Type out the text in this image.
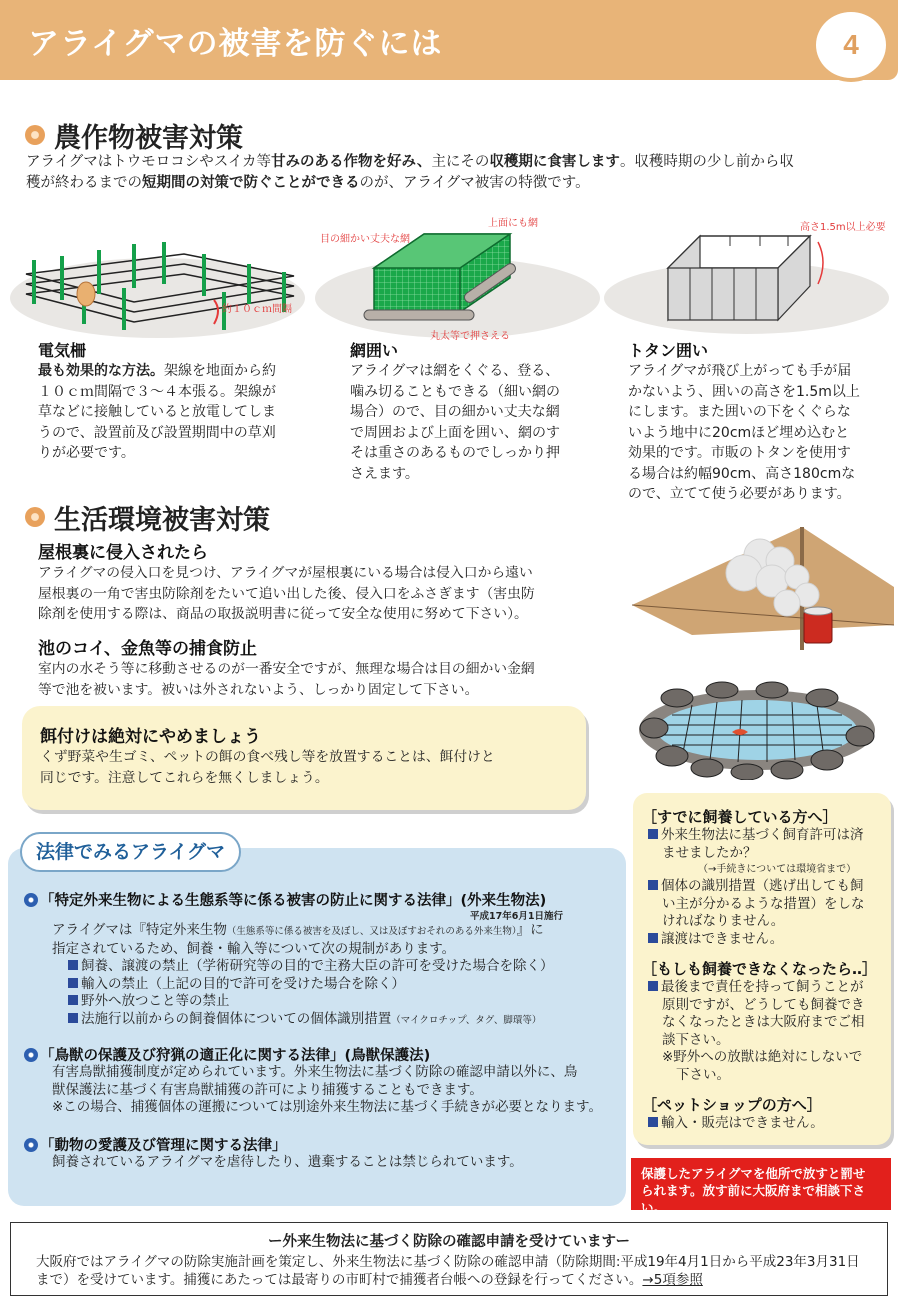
アライグマの被害を防ぐには	4
農作物被害対策
アライグマはトウモロコシやスイカ等甘みのある作物を好み、主にその収穫期に食害します。収穫時期の少し前から収
穫が終わるまでの短期間の対策で防ぐことができるのが、アライグマ被害の特徴です。
約１０ｃｍ間隔
目の細かい丈夫な網
上面にも網
丸太等で押さえる
高さ1.5m以上必要
電気柵
最も効果的な方法。架線を地面から約
１０ｃｍ間隔で３～４本張る。架線が
草などに接触していると放電してしま
うので、設置前及び設置期間中の草刈
りが必要です。
網囲い
アライグマは網をくぐる、登る、
噛み切ることもできる（細い網の
場合）ので、目の細かい丈夫な網
で周囲および上面を囲い、網のす
そは重さのあるものでしっかり押
さえます。
トタン囲い
アライグマが飛び上がっても手が届
かないよう、囲いの高さを1.5m以上
にします。また囲いの下をくぐらな
いよう地中に20cmほど埋め込むと
効果的です。市販のトタンを使用す
る場合は約幅90cm、高さ180cmな
ので、立てて使う必要があります。
生活環境被害対策
屋根裏に侵入されたら
アライグマの侵入口を見つけ、アライグマが屋根裏にいる場合は侵入口から遠い
屋根裏の一角で害虫防除剤をたいて追い出した後、侵入口をふさぎます（害虫防
除剤を使用する際は、商品の取扱説明書に従って安全な使用に努めて下さい）。
池のコイ、金魚等の捕食防止
室内の水そう等に移動させるのが一番安全ですが、無理な場合は目の細かい金網
等で池を被います。被いは外されないよう、しっかり固定して下さい。
餌付けは絶対にやめましょう
くず野菜や生ゴミ、ペットの餌の食べ残し等を放置することは、餌付けと
同じです。注意してこれらを無くしましょう。
法律でみるアライグマ
「特定外来生物による生態系等に係る被害の防止に関する法律」(外来生物法)
平成17年6月1日施行
アライグマは『特定外来生物（生態系等に係る被害を及ぼし、又は及ぼすおそれのある外来生物）』に
指定されているため、飼養・輸入等について次の規制があります。
飼養、譲渡の禁止（学術研究等の目的で主務大臣の許可を受けた場合を除く）
輸入の禁止（上記の目的で許可を受けた場合を除く）
野外へ放つこと等の禁止
法施行以前からの飼養個体についての個体識別措置（マイクロチップ、タグ、脚環等）
「鳥獣の保護及び狩猟の適正化に関する法律」(鳥獣保護法)
有害鳥獣捕獲制度が定められています。外来生物法に基づく防除の確認申請以外に、鳥
獣保護法に基づく有害鳥獣捕獲の許可により捕獲することもできます。
※この場合、捕獲個体の運搬については別途外来生物法に基づく手続きが必要となります。
「動物の愛護及び管理に関する法律」
飼養されているアライグマを虐待したり、遺棄することは禁じられています。
［すでに飼養している方へ］
外来生物法に基づく飼育許可は済
ませましたか？
（→手続きについては環境省まで）
個体の識別措置（逃げ出しても飼
い主が分かるような措置）をしな
ければなりません。
譲渡はできません。
［もしも飼養できなくなったら‥］
最後まで責任を持って飼うことが
原則ですが、どうしても飼養でき
なくなったときは大阪府までご相
談下さい。
※野外への放獣は絶対にしないで
下さい。
［ペットショップの方へ］
輸入・販売はできません。
保護したアライグマを他所で放すと罰せ
られます。放す前に大阪府まで相談下さい。
ー外来生物法に基づく防除の確認申請を受けていますー
大阪府ではアライグマの防除実施計画を策定し、外来生物法に基づく防除の確認申請（防除期間:平成19年4月1日から平成23年3月31日
まで）を受けています。捕獲にあたっては最寄りの市町村で捕獲者台帳への登録を行ってください。→5項参照
